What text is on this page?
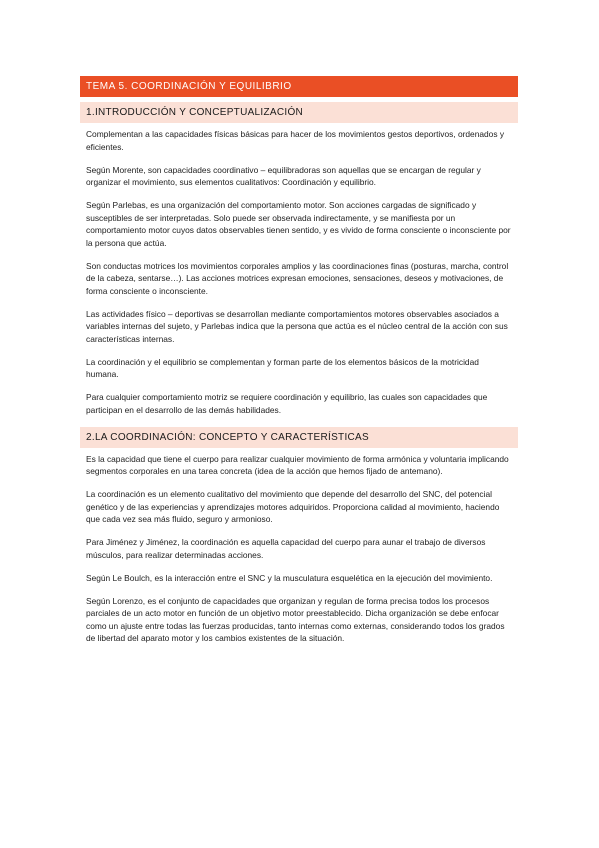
TEMA 5. COORDINACIÓN Y EQUILIBRIO
1.INTRODUCCIÓN Y CONCEPTUALIZACIÓN

Complementan a las capacidades físicas básicas para hacer de los movimientos gestos deportivos, ordenados y eficientes.

Según Morente, son capacidades coordinativo – equilibradoras son aquellas que se encargan de regular y organizar el movimiento, sus elementos cualitativos: Coordinación y equilibrio.

Según Parlebas, es una organización del comportamiento motor. Son acciones cargadas de significado y susceptibles de ser interpretadas. Solo puede ser observada indirectamente, y se manifiesta por un comportamiento motor cuyos datos observables tienen sentido, y es vivido de forma consciente o inconsciente por la persona que actúa.

Son conductas motrices los movimientos corporales amplios y las coordinaciones finas (posturas, marcha, control de la cabeza, sentarse…). Las acciones motrices expresan emociones, sensaciones, deseos y motivaciones, de forma consciente o inconsciente.

Las actividades físico – deportivas se desarrollan mediante comportamientos motores observables asociados a variables internas del sujeto, y Parlebas indica que la persona que actúa es el núcleo central de la acción con sus características internas.

La coordinación y el equilibrio se complementan y forman parte de los elementos básicos de la motricidad humana.

Para cualquier comportamiento motriz se requiere coordinación y equilibrio, las cuales son capacidades que participan en el desarrollo de las demás habilidades.

2.LA COORDINACIÓN: CONCEPTO Y CARACTERÍSTICAS

Es la capacidad que tiene el cuerpo para realizar cualquier movimiento de forma armónica y voluntaria implicando segmentos corporales en una tarea concreta (idea de la acción que hemos fijado de antemano).

La coordinación es un elemento cualitativo del movimiento que depende del desarrollo del SNC, del potencial genético y de las experiencias y aprendizajes motores adquiridos. Proporciona calidad al movimiento, haciendo que cada vez sea más fluido, seguro y armonioso.

Para Jiménez y Jiménez, la coordinación es aquella capacidad del cuerpo para aunar el trabajo de diversos músculos, para realizar determinadas acciones.

Según Le Boulch, es la interacción entre el SNC y la musculatura esquelética en la ejecución del movimiento.

Según Lorenzo, es el conjunto de capacidades que organizan y regulan de forma precisa todos los procesos parciales de un acto motor en función de un objetivo motor preestablecido. Dicha organización se debe enfocar como un ajuste entre todas las fuerzas producidas, tanto internas como externas, considerando todos los grados de libertad del aparato motor y los cambios existentes de la situación.
